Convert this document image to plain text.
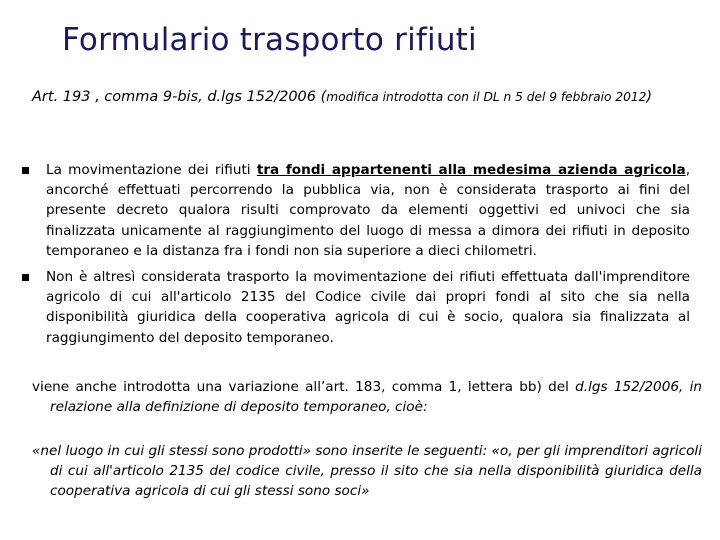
Formulario trasporto rifiuti
Art. 193 , comma 9-bis, d.lgs 152/2006 (modifica introdotta con il DL n 5 del 9 febbraio 2012)
La movimentazione dei rifiuti tra fondi appartenenti alla medesima azienda agricola, ancorché effettuati percorrendo la pubblica via, non è considerata trasporto ai fini del presente decreto qualora risulti comprovato da elementi oggettivi ed univoci che sia finalizzata unicamente al raggiungimento del luogo di messa a dimora dei rifiuti in deposito temporaneo e la distanza fra i fondi non sia superiore a dieci chilometri.
Non è altresì considerata trasporto la movimentazione dei rifiuti effettuata dall'imprenditore agricolo di cui all'articolo 2135 del Codice civile dai propri fondi al sito che sia nella disponibilità giuridica della cooperativa agricola di cui è socio, qualora sia finalizzata al raggiungimento del deposito temporaneo.
viene anche introdotta una variazione all’art. 183, comma 1, lettera bb) del d.lgs 152/2006, in relazione alla definizione di deposito temporaneo, cioè:
«nel luogo in cui gli stessi sono prodotti» sono inserite le seguenti: «o, per gli imprenditori agricoli di cui all'articolo 2135 del codice civile, presso il sito che sia nella disponibilità giuridica della cooperativa agricola di cui gli stessi sono soci»
